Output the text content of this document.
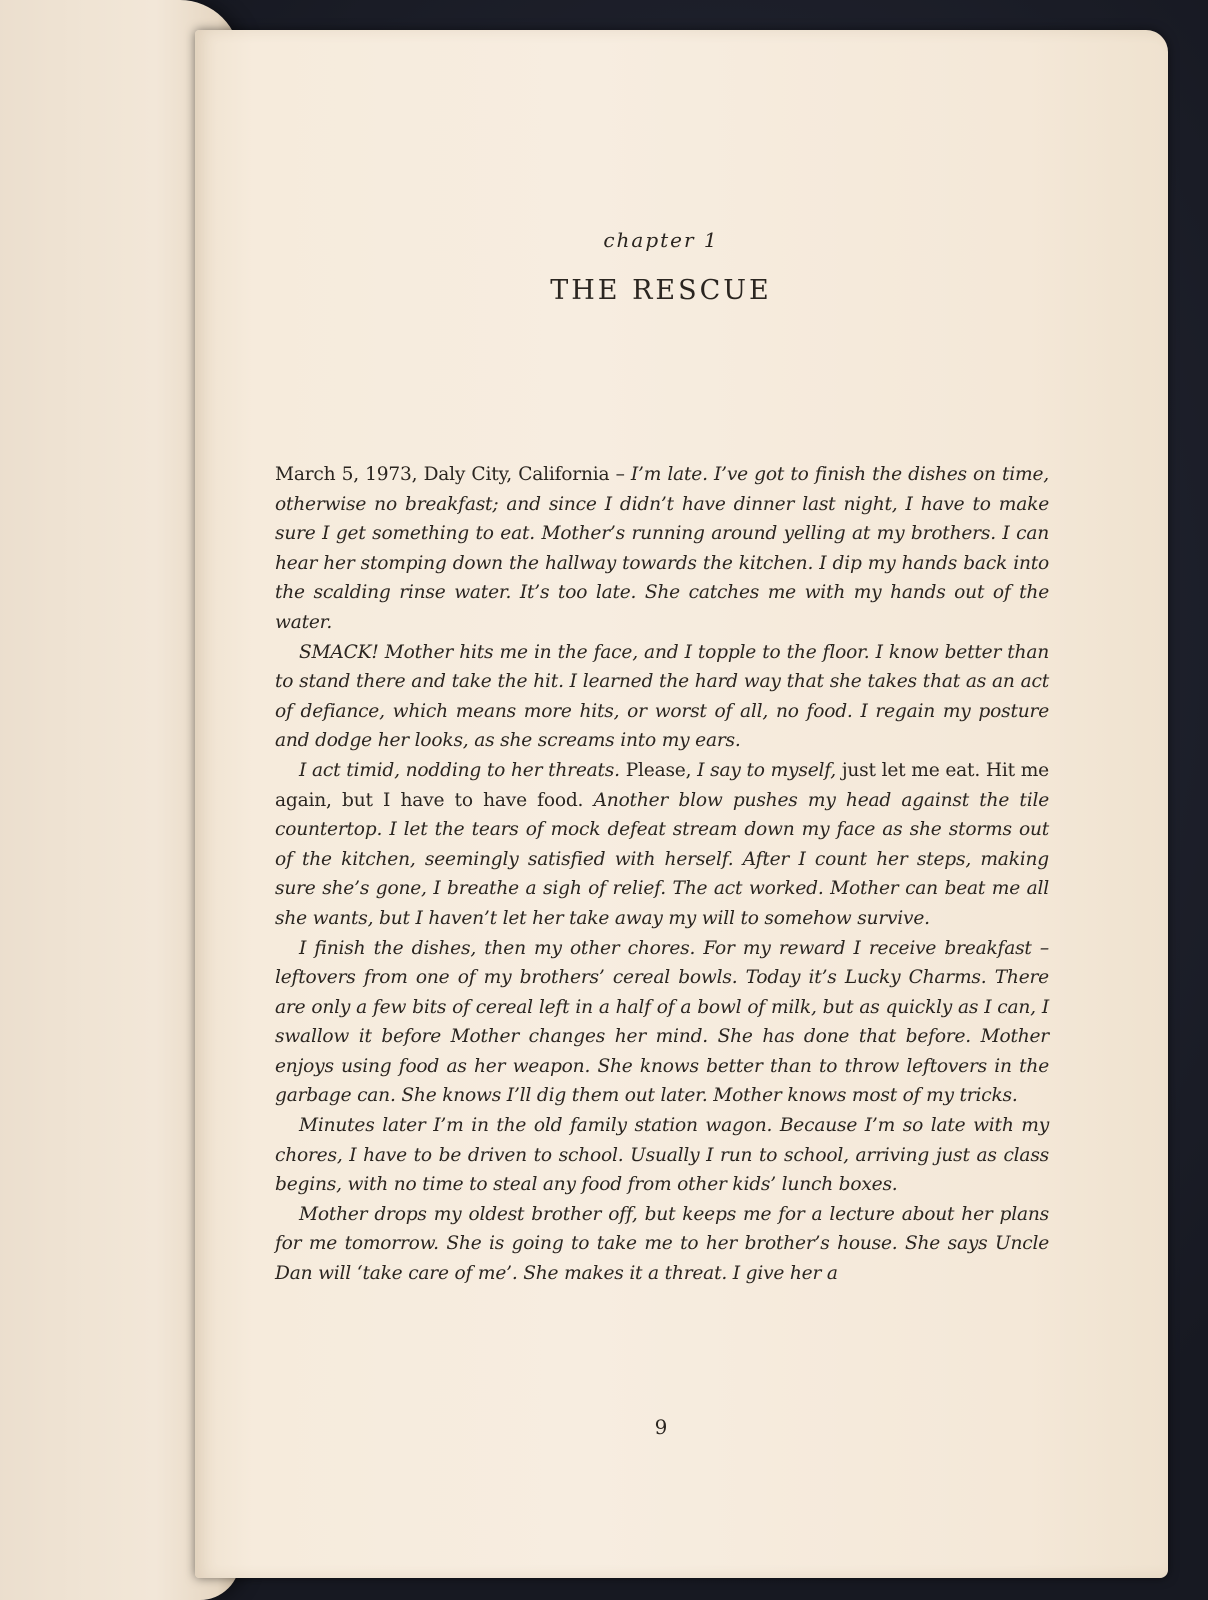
chapter 1
THE RESCUE

March 5, 1973, Daly City, California – I’m late. I’ve got to finish the dishes on time, otherwise no breakfast; and since I didn’t have dinner last night, I have to make sure I get something to eat. Mother’s running around yelling at my brothers. I can hear her stomping down the hallway towards the kitchen. I dip my hands back into the scalding rinse water. It’s too late. She catches me with my hands out of the water.

SMACK! Mother hits me in the face, and I topple to the floor. I know better than to stand there and take the hit. I learned the hard way that she takes that as an act of defiance, which means more hits, or worst of all, no food. I regain my posture and dodge her looks, as she screams into my ears.

I act timid, nodding to her threats. Please, I say to myself, just let me eat. Hit me again, but I have to have food. Another blow pushes my head against the tile countertop. I let the tears of mock defeat stream down my face as she storms out of the kitchen, seemingly satisfied with herself. After I count her steps, making sure she’s gone, I breathe a sigh of relief. The act worked. Mother can beat me all she wants, but I haven’t let her take away my will to somehow survive.

I finish the dishes, then my other chores. For my reward I receive breakfast – leftovers from one of my brothers’ cereal bowls. Today it’s Lucky Charms. There are only a few bits of cereal left in a half of a bowl of milk, but as quickly as I can, I swallow it before Mother changes her mind. She has done that before. Mother enjoys using food as her weapon. She knows better than to throw leftovers in the garbage can. She knows I’ll dig them out later. Mother knows most of my tricks.

Minutes later I’m in the old family station wagon. Because I’m so late with my chores, I have to be driven to school. Usually I run to school, arriving just as class begins, with no time to steal any food from other kids’ lunch boxes.

Mother drops my oldest brother off, but keeps me for a lecture about her plans for me tomorrow. She is going to take me to her brother’s house. She says Uncle Dan will ‘take care of me’. She makes it a threat. I give her a

9
